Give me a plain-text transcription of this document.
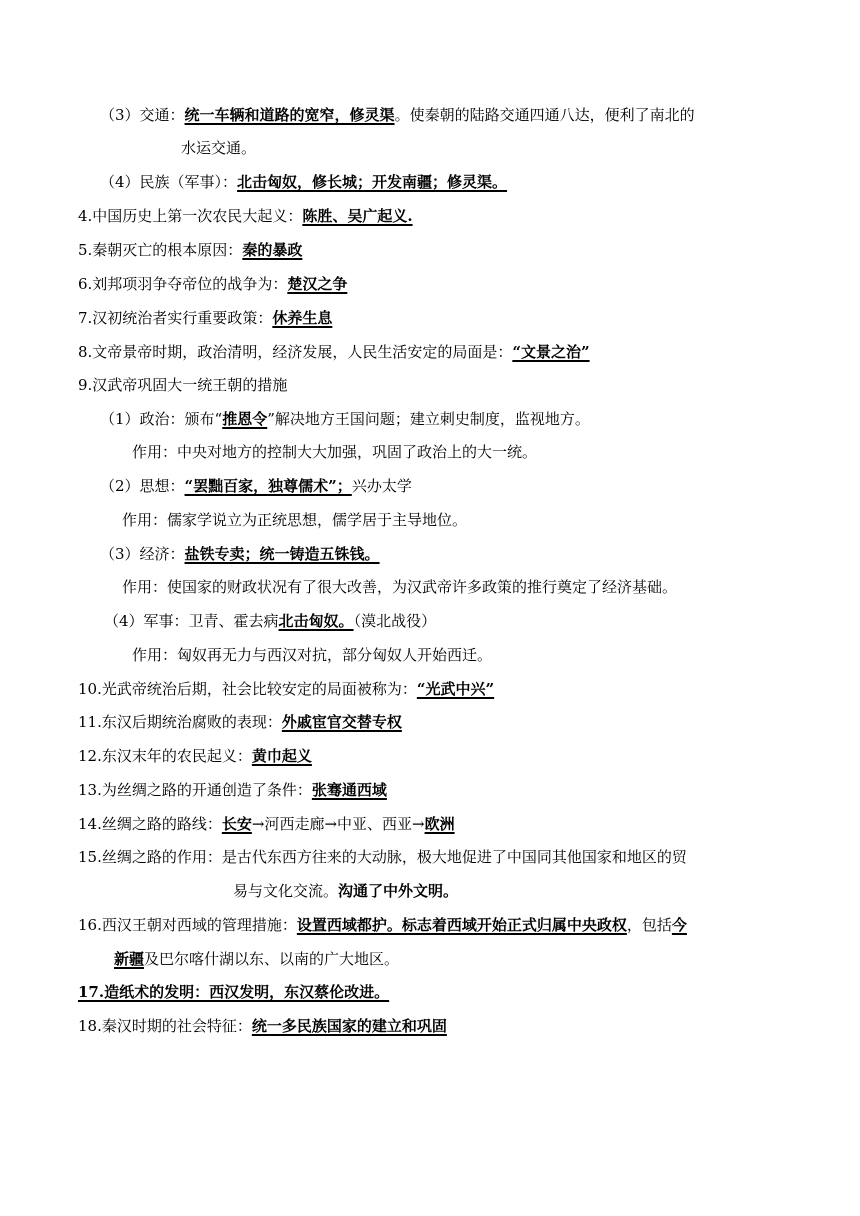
（3）交通：统一车辆和道路的宽窄，修灵渠。使秦朝的陆路交通四通八达，便利了南北的
水运交通。
（4）民族（军事）：北击匈奴，修长城；开发南疆；修灵渠。
4.中国历史上第一次农民大起义：陈胜、吴广起义.
5.秦朝灭亡的根本原因：秦的暴政
6.刘邦项羽争夺帝位的战争为：楚汉之争
7.汉初统治者实行重要政策：休养生息
8.文帝景帝时期，政治清明，经济发展，人民生活安定的局面是：“文景之治”
9.汉武帝巩固大一统王朝的措施
（1）政治：颁布“推恩令”解决地方王国问题；建立刺史制度，监视地方。
作用：中央对地方的控制大大加强，巩固了政治上的大一统。
（2）思想：“罢黜百家，独尊儒术”；兴办太学
作用：儒家学说立为正统思想，儒学居于主导地位。
（3）经济：盐铁专卖；统一铸造五铢钱。
作用：使国家的财政状况有了很大改善，为汉武帝许多政策的推行奠定了经济基础。
（4）军事：卫青、霍去病北击匈奴。（漠北战役）
作用：匈奴再无力与西汉对抗，部分匈奴人开始西迁。
10.光武帝统治后期，社会比较安定的局面被称为：“光武中兴”
11.东汉后期统治腐败的表现：外戚宦官交替专权
12.东汉末年的农民起义：黄巾起义
13.为丝绸之路的开通创造了条件：张骞通西域
14.丝绸之路的路线：长安→河西走廊→中亚、西亚→欧洲
15.丝绸之路的作用：是古代东西方往来的大动脉，极大地促进了中国同其他国家和地区的贸
易与文化交流。沟通了中外文明。
16.西汉王朝对西域的管理措施：设置西域都护。标志着西域开始正式归属中央政权，包括今
新疆及巴尔喀什湖以东、以南的广大地区。
17.造纸术的发明：西汉发明，东汉蔡伦改进。
18.秦汉时期的社会特征：统一多民族国家的建立和巩固
